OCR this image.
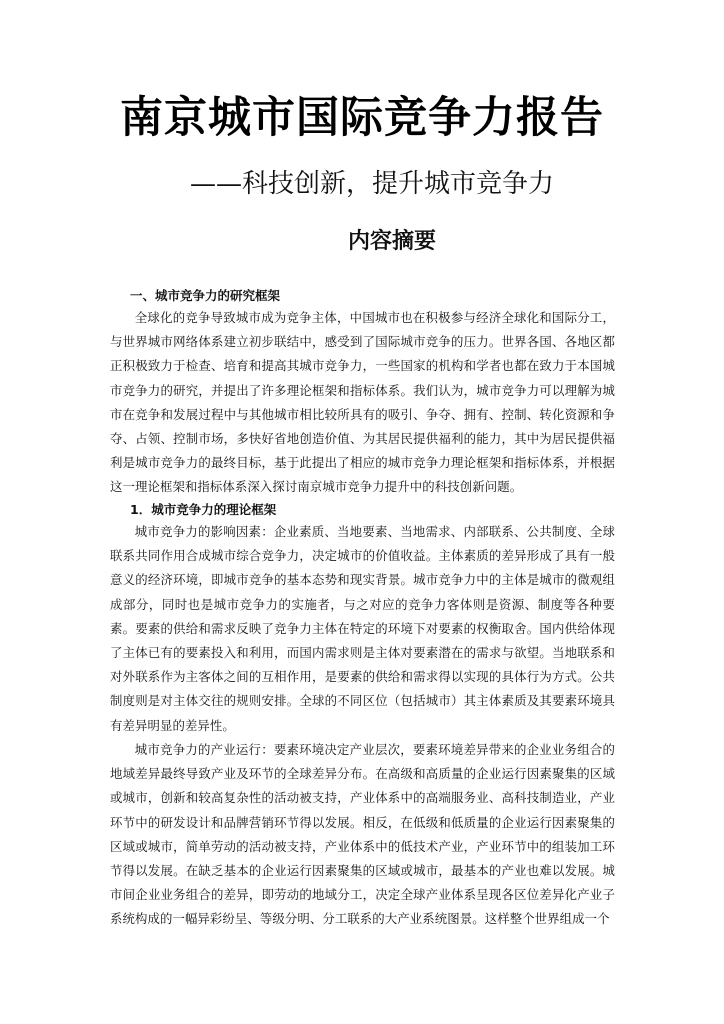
南京城市国际竞争力报告
——科技创新，提升城市竞争力
内容摘要
一、城市竞争力的研究框架

全球化的竞争导致城市成为竞争主体，中国城市也在积极参与经济全球化和国际分工，与世界城市网络体系建立初步联结中，感受到了国际城市竞争的压力。世界各国、各地区都正积极致力于检查、培育和提高其城市竞争力，一些国家的机构和学者也都在致力于本国城市竞争力的研究，并提出了许多理论框架和指标体系。我们认为，城市竞争力可以理解为城市在竞争和发展过程中与其他城市相比较所具有的吸引、争夺、拥有、控制、转化资源和争夺、占领、控制市场，多快好省地创造价值、为其居民提供福利的能力，其中为居民提供福利是城市竞争力的最终目标，基于此提出了相应的城市竞争力理论框架和指标体系，并根据这一理论框架和指标体系深入探讨南京城市竞争力提升中的科技创新问题。

1．城市竞争力的理论框架

城市竞争力的影响因素：企业素质、当地要素、当地需求、内部联系、公共制度、全球联系共同作用合成城市综合竞争力，决定城市的价值收益。主体素质的差异形成了具有一般意义的经济环境，即城市竞争的基本态势和现实背景。城市竞争力中的主体是城市的微观组成部分，同时也是城市竞争力的实施者，与之对应的竞争力客体则是资源、制度等各种要素。要素的供给和需求反映了竞争力主体在特定的环境下对要素的权衡取舍。国内供给体现了主体已有的要素投入和利用，而国内需求则是主体对要素潜在的需求与欲望。当地联系和对外联系作为主客体之间的互相作用，是要素的供给和需求得以实现的具体行为方式。公共制度则是对主体交往的规则安排。全球的不同区位（包括城市）其主体素质及其要素环境具有差异明显的差异性。

城市竞争力的产业运行：要素环境决定产业层次，要素环境差异带来的企业业务组合的地域差异最终导致产业及环节的全球差异分布。在高级和高质量的企业运行因素聚集的区域或城市，创新和较高复杂性的活动被支持，产业体系中的高端服务业、高科技制造业，产业环节中的研发设计和品牌营销环节得以发展。相反，在低级和低质量的企业运行因素聚集的区域或城市，简单劳动的活动被支持，产业体系中的低技术产业，产业环节中的组装加工环节得以发展。在缺乏基本的企业运行因素聚集的区域或城市，最基本的产业也难以发展。城市间企业业务组合的差异，即劳动的地域分工，决定全球产业体系呈现各区位差异化产业子系统构成的一幅异彩纷呈、等级分明、分工联系的大产业系统图景。这样整个世界组成一个
